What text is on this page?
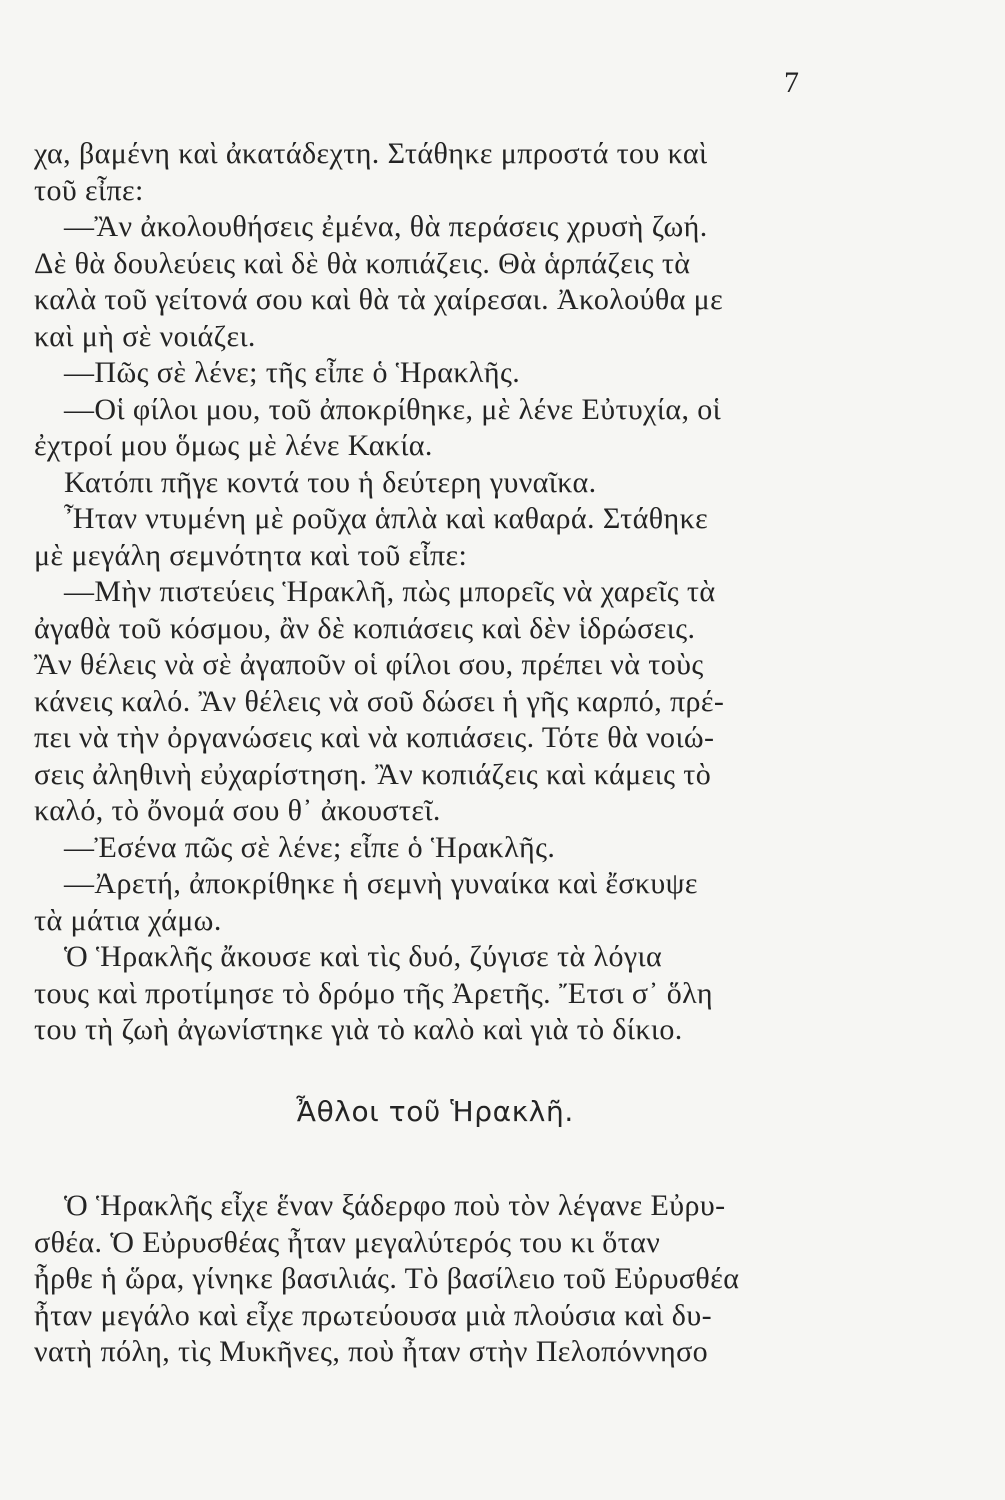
7

χα, βαμένη καὶ ἀκατάδεχτη. Στάθηκε μπροστά του καὶ
τοῦ εἶπε:

—Ἂν ἀκολουθήσεις ἐμένα, θὰ περάσεις χρυσὴ ζωή.
Δὲ θὰ δουλεύεις καὶ δὲ θὰ κοπιάζεις. Θὰ ἁρπάζεις τὰ
καλὰ τοῦ γείτονά σου καὶ θὰ τὰ χαίρεσαι. Ἀκολούθα με
καὶ μὴ σὲ νοιάζει.

—Πῶς σὲ λένε; τῆς εἶπε ὁ Ἡρακλῆς.

—Οἱ φίλοι μου, τοῦ ἀποκρίθηκε, μὲ λένε Εὐτυχία, οἱ
ἐχτροί μου ὅμως μὲ λένε Κακία.

Κατόπι πῆγε κοντά του ἡ δεύτερη γυναῖκα.

Ἦταν ντυμένη μὲ ροῦχα ἁπλὰ καὶ καθαρά. Στάθηκε
μὲ μεγάλη σεμνότητα καὶ τοῦ εἶπε:

—Μὴν πιστεύεις Ἡρακλῆ, πὼς μπορεῖς νὰ χαρεῖς τὰ
ἀγαθὰ τοῦ κόσμου, ἂν δὲ κοπιάσεις καὶ δὲν ἱδρώσεις.
Ἂν θέλεις νὰ σὲ ἀγαποῦν οἱ φίλοι σου, πρέπει νὰ τοὺς
κάνεις καλό. Ἂν θέλεις νὰ σοῦ δώσει ἡ γῆς καρπό, πρέ-
πει νὰ τὴν ὀργανώσεις καὶ νὰ κοπιάσεις. Τότε θὰ νοιώ-
σεις ἀληθινὴ εὐχαρίστηση. Ἂν κοπιάζεις καὶ κάμεις τὸ
καλό, τὸ ὄνομά σου θ᾽ ἀκουστεῖ.

—Ἐσένα πῶς σὲ λένε; εἶπε ὁ Ἡρακλῆς.

—Ἀρετή, ἀποκρίθηκε ἡ σεμνὴ γυναίκα καὶ ἔσκυψε
τὰ μάτια χάμω.

Ὁ Ἡρακλῆς ἄκουσε καὶ τὶς δυό, ζύγισε τὰ λόγια
τους καὶ προτίμησε τὸ δρόμο τῆς Ἀρετῆς. Ἔτσι σ᾽ ὅλη
του τὴ ζωὴ ἀγωνίστηκε γιὰ τὸ καλὸ καὶ γιὰ τὸ δίκιο.

Ἆθλοι τοῦ Ἡρακλῆ.

Ὁ Ἡρακλῆς εἶχε ἕναν ξάδερφο ποὺ τὸν λέγανε Εὐρυ-
σθέα. Ὁ Εὐρυσθέας ἦταν μεγαλύτερός του κι ὅταν
ἦρθε ἡ ὥρα, γίνηκε βασιλιάς. Τὸ βασίλειο τοῦ Εὐρυσθέα
ἦταν μεγάλο καὶ εἶχε πρωτεύουσα μιὰ πλούσια καὶ δυ-
νατὴ πόλη, τὶς Μυκῆνες, ποὺ ἦταν στὴν Πελοπόννησο
